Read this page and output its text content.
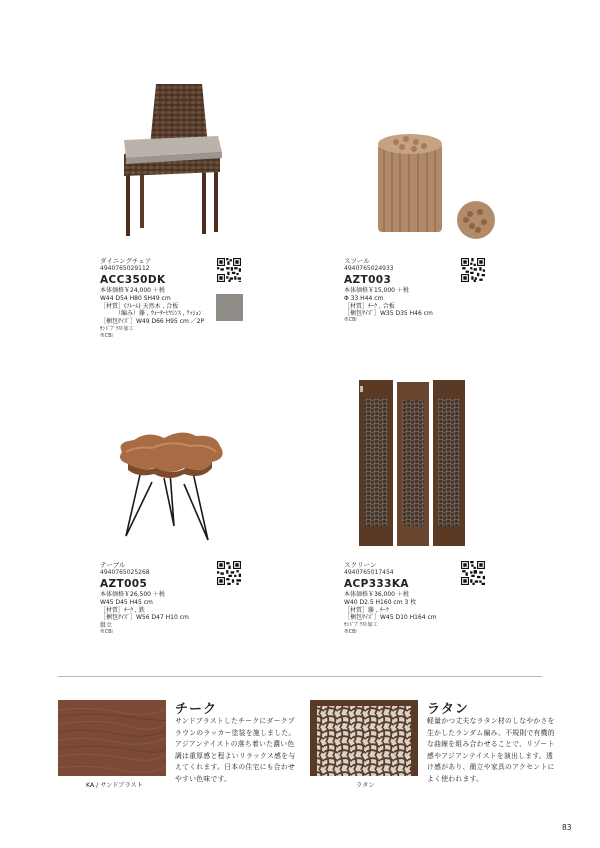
ダイニングチェア
4940765029112
ACC350DK
本体価格￥24,000 ＋税
W44 D54 H80 SH49 cm
［材質］(ﾌﾚｰﾑ) 天然木 , 合板
　　　（編み）籐 , ｳｫｰﾀｰﾋﾔｼﾝｽ , ｸｯｼｮﾝ
［梱包ｻｲｽﾞ］W49 D66 H95 cm ／2P
ｻﾝﾄﾞﾌﾞﾗｽﾄ加工
®CBi
スツール
4940765024933
AZT003
本体価格￥15,000 ＋税
Φ 33 H44 cm
［材質］ﾁｰｸ , 合板
［梱包ｻｲｽﾞ］W35 D35 H46 cm
®CBi
テーブル
4940765025268
AZT005
本体価格￥26,500 ＋税
W45 D45 H45 cm
［材質］ﾁｰｸ , 鉄
［梱包ｻｲｽﾞ］W56 D47 H10 cm
組立
®CBi
スクリーン
4940765017454
ACP333KA
本体価格￥36,000 ＋税
W40 D2.5 H160 cm 3 枚
［材質］籐 , ﾁｰｸ
［梱包ｻｲｽﾞ］W45 D10 H164 cm
ｻﾝﾄﾞﾌﾞﾗｽﾄ加工
®CBi
KA / サンドブラスト
チーク
サンドブラストしたチークにダークブ
ラウンのラッカー塗装を施しました。
アジアンテイストの落ち着いた濃い色
調は重厚感と程よいリラックス感を与
えてくれます。日本の住宅にも合わせ
やすい色味です。
ラタン
ラタン
軽量かつ丈夫なラタン材のしなやかさを
生かしたランダム編み。不規則で有機的
な曲線を組み合わせることで、リゾート
感やアジアンテイストを演出します。透
け感があり、衝立や家具のアクセントに
よく使われます。
83
